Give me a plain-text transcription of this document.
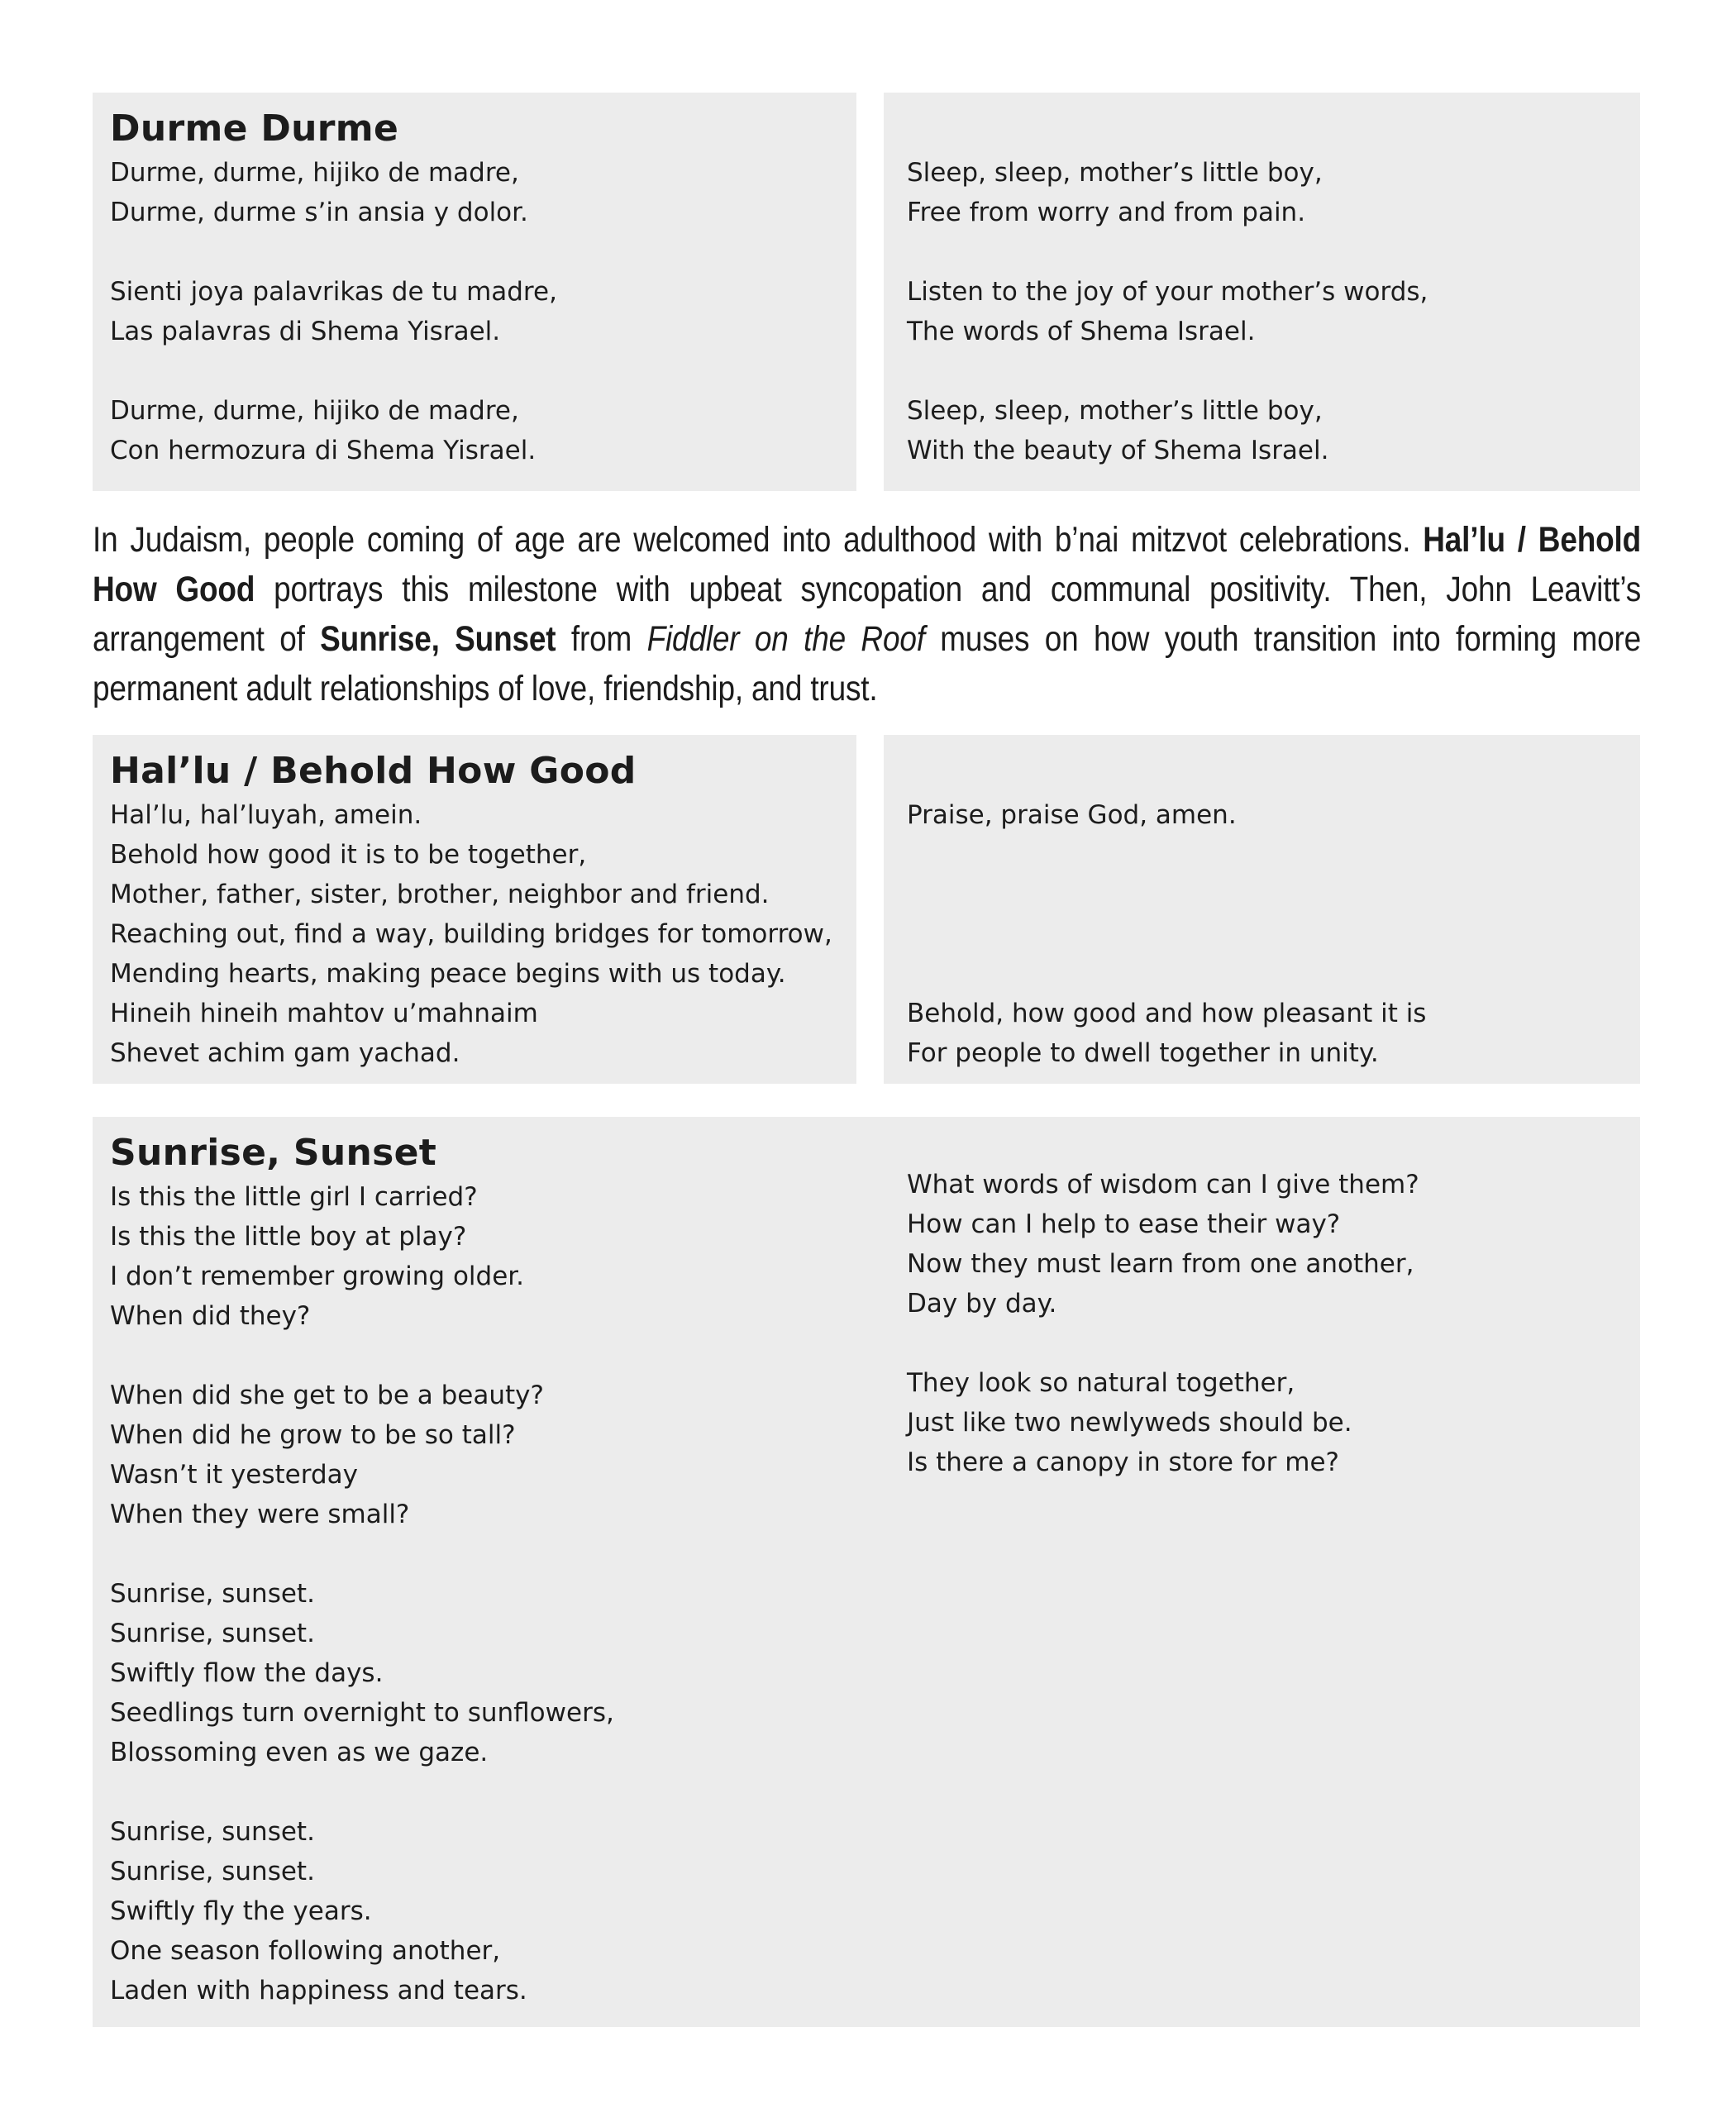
Durme Durme

Durme, durme, hijiko de madre,
Durme, durme s’in ansia y dolor.

Sienti joya palavrikas de tu madre,
Las palavras di Shema Yisrael.

Durme, durme, hijiko de madre,
Con hermozura di Shema Yisrael.

Sleep, sleep, mother’s little boy,
Free from worry and from pain.

Listen to the joy of your mother’s words,
The words of Shema Israel.

Sleep, sleep, mother’s little boy,
With the beauty of Shema Israel.

In Judaism, people coming of age are welcomed into adulthood with b’nai mitzvot celebrations. Hal’lu / Behold How Good portrays this milestone with upbeat syncopation and communal positivity. Then, John Leavitt’s arrangement of Sunrise, Sunset from Fiddler on the Roof muses on how youth transition into forming more permanent adult relationships of love, friendship, and trust.

Hal’lu / Behold How Good

Hal’lu, hal’luyah, amein.
Behold how good it is to be together,
Mother, father, sister, brother, neighbor and friend.
Reaching out, find a way, building bridges for tomorrow,
Mending hearts, making peace begins with us today.
Hineih hineih mahtov u’mahnaim
Shevet achim gam yachad.

Praise, praise God, amen.

Behold, how good and how pleasant it is
For people to dwell together in unity.

Sunrise, Sunset

Is this the little girl I carried?
Is this the little boy at play?
I don’t remember growing older.
When did they?

When did she get to be a beauty?
When did he grow to be so tall?
Wasn’t it yesterday
When they were small?

Sunrise, sunset.
Sunrise, sunset.
Swiftly flow the days.
Seedlings turn overnight to sunflowers,
Blossoming even as we gaze.

Sunrise, sunset.
Sunrise, sunset.
Swiftly fly the years.
One season following another,
Laden with happiness and tears.

What words of wisdom can I give them?
How can I help to ease their way?
Now they must learn from one another,
Day by day.

They look so natural together,
Just like two newlyweds should be.
Is there a canopy in store for me?
